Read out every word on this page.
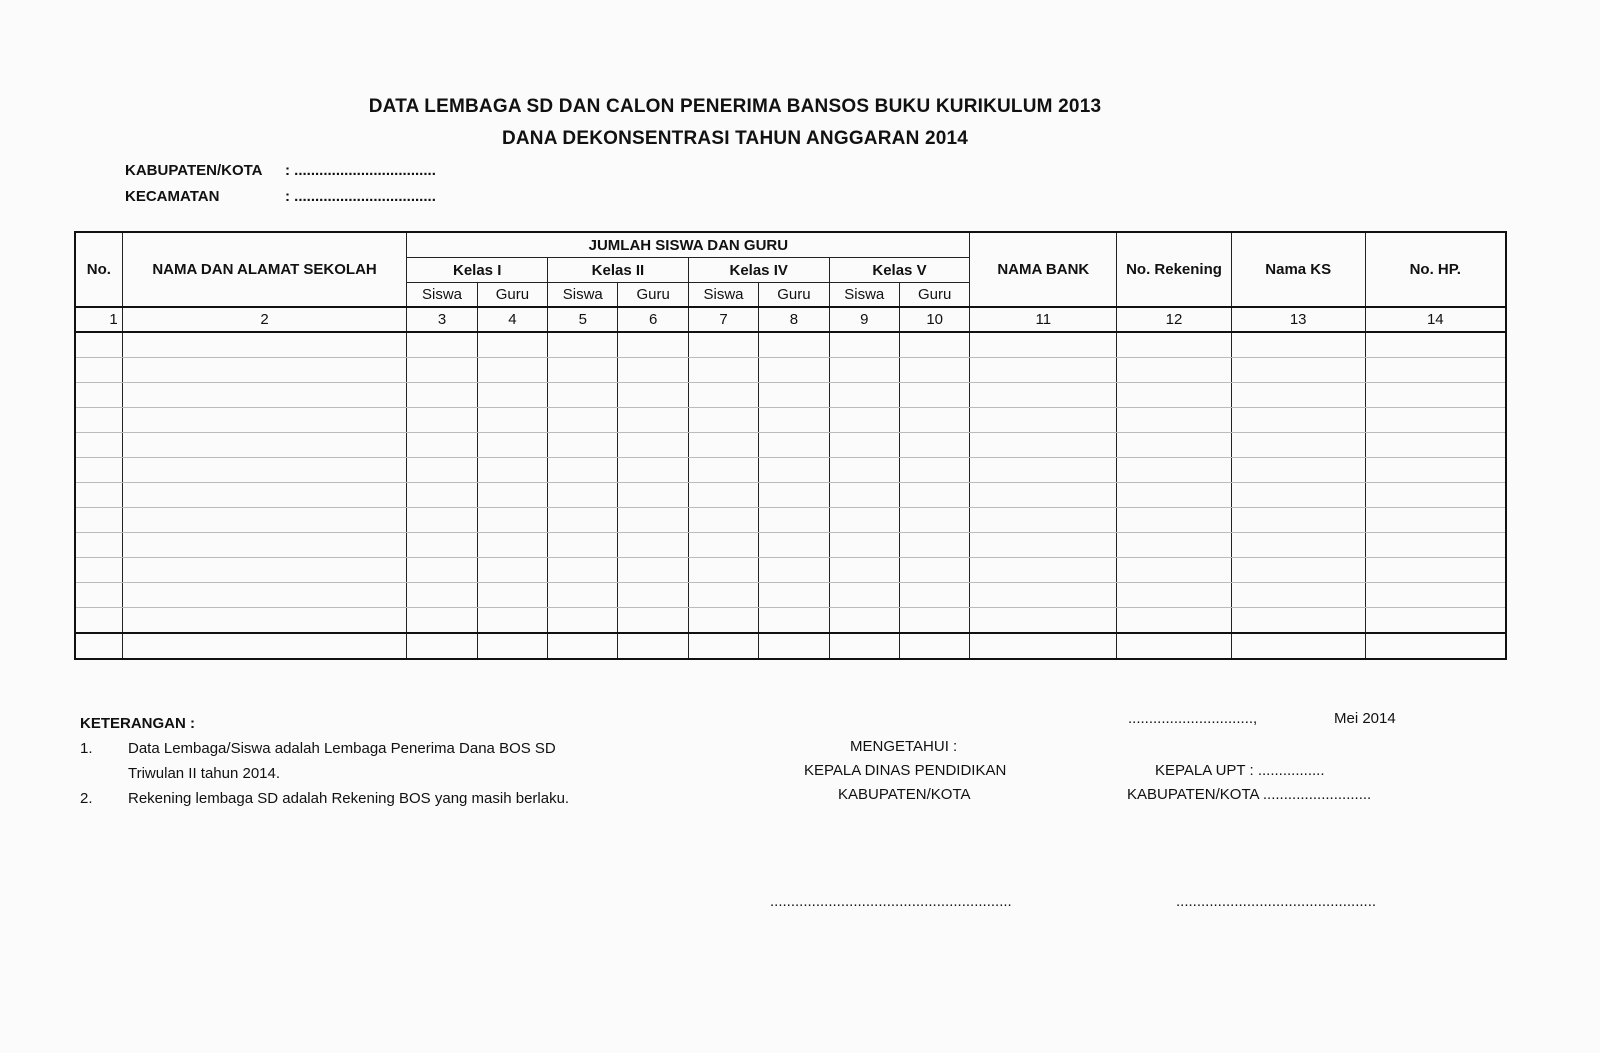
DATA LEMBAGA SD DAN CALON PENERIMA BANSOS BUKU KURIKULUM 2013
DANA DEKONSENTRASI TAHUN ANGGARAN 2014
KABUPATEN/KOTA : ..................................
KECAMATAN	: ..................................
No.	NAMA DAN ALAMAT SEKOLAH	JUMLAH SISWA DAN GURU								NAMA BANK	No. Rekening	Nama KS	No. HP.
		Kelas I		Kelas II		Kelas IV		Kelas V					
		Siswa	Guru	Siswa	Guru	Siswa	Guru	Siswa	Guru				
1	2	3	4	5	6	7	8	9	10	11	12	13	14

KETERANGAN :
1. Data Lembaga/Siswa adalah Lembaga Penerima Dana BOS SD
Triwulan II tahun 2014.
2. Rekening lembaga SD adalah Rekening BOS yang masih berlaku.
..............................,	Mei 2014
MENGETAHUI :
KEPALA DINAS PENDIDIKAN
KABUPATEN/KOTA
KEPALA UPT : ................
KABUPATEN/KOTA ..........................
..........................................................	................................................
